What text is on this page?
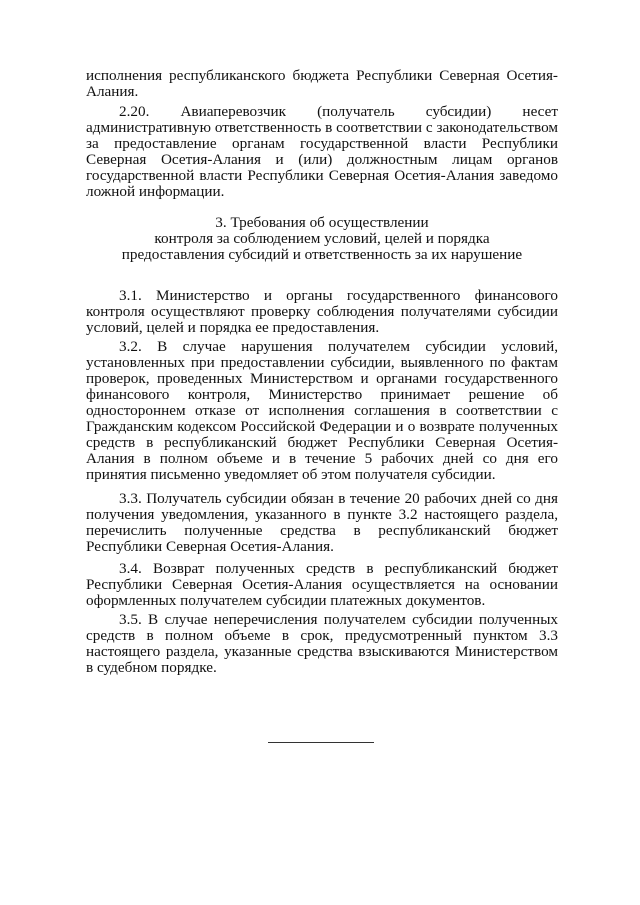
исполнения республиканского бюджета Республики Северная Осетия-Алания.

2.20. Авиаперевозчик (получатель субсидии) несет административную ответственность в соответствии с законодательством за предоставление органам государственной власти Республики Северная Осетия-Алания и (или) должностным лицам органов государственной власти Республики Северная Осетия-Алания заведомо ложной информации.

3. Требования об осуществлении
контроля за соблюдением условий, целей и порядка
предоставления субсидий и ответственность за их нарушение

3.1. Министерство и органы государственного финансового контроля осуществляют проверку соблюдения получателями субсидии условий, целей и порядка ее предоставления.

3.2. В случае нарушения получателем субсидии условий, установленных при предоставлении субсидии, выявленного по фактам проверок, проведенных Министерством и органами государственного финансового контроля, Министерство принимает решение об одностороннем отказе от исполнения соглашения в соответствии с Гражданским кодексом Российской Федерации и о возврате полученных средств в республиканский бюджет Республики Северная Осетия-Алания в полном объеме и в течение 5 рабочих дней со дня его принятия письменно уведомляет об этом получателя субсидии.

3.3. Получатель субсидии обязан в течение 20 рабочих дней со дня получения уведомления, указанного в пункте 3.2 настоящего раздела, перечислить полученные средства в республиканский бюджет Республики Северная Осетия-Алания.

3.4. Возврат полученных средств в республиканский бюджет Республики Северная Осетия-Алания осуществляется на основании оформленных получателем субсидии платежных документов.

3.5. В случае неперечисления получателем субсидии полученных средств в полном объеме в срок, предусмотренный пунктом 3.3 настоящего раздела, указанные средства взыскиваются Министерством в судебном порядке.
